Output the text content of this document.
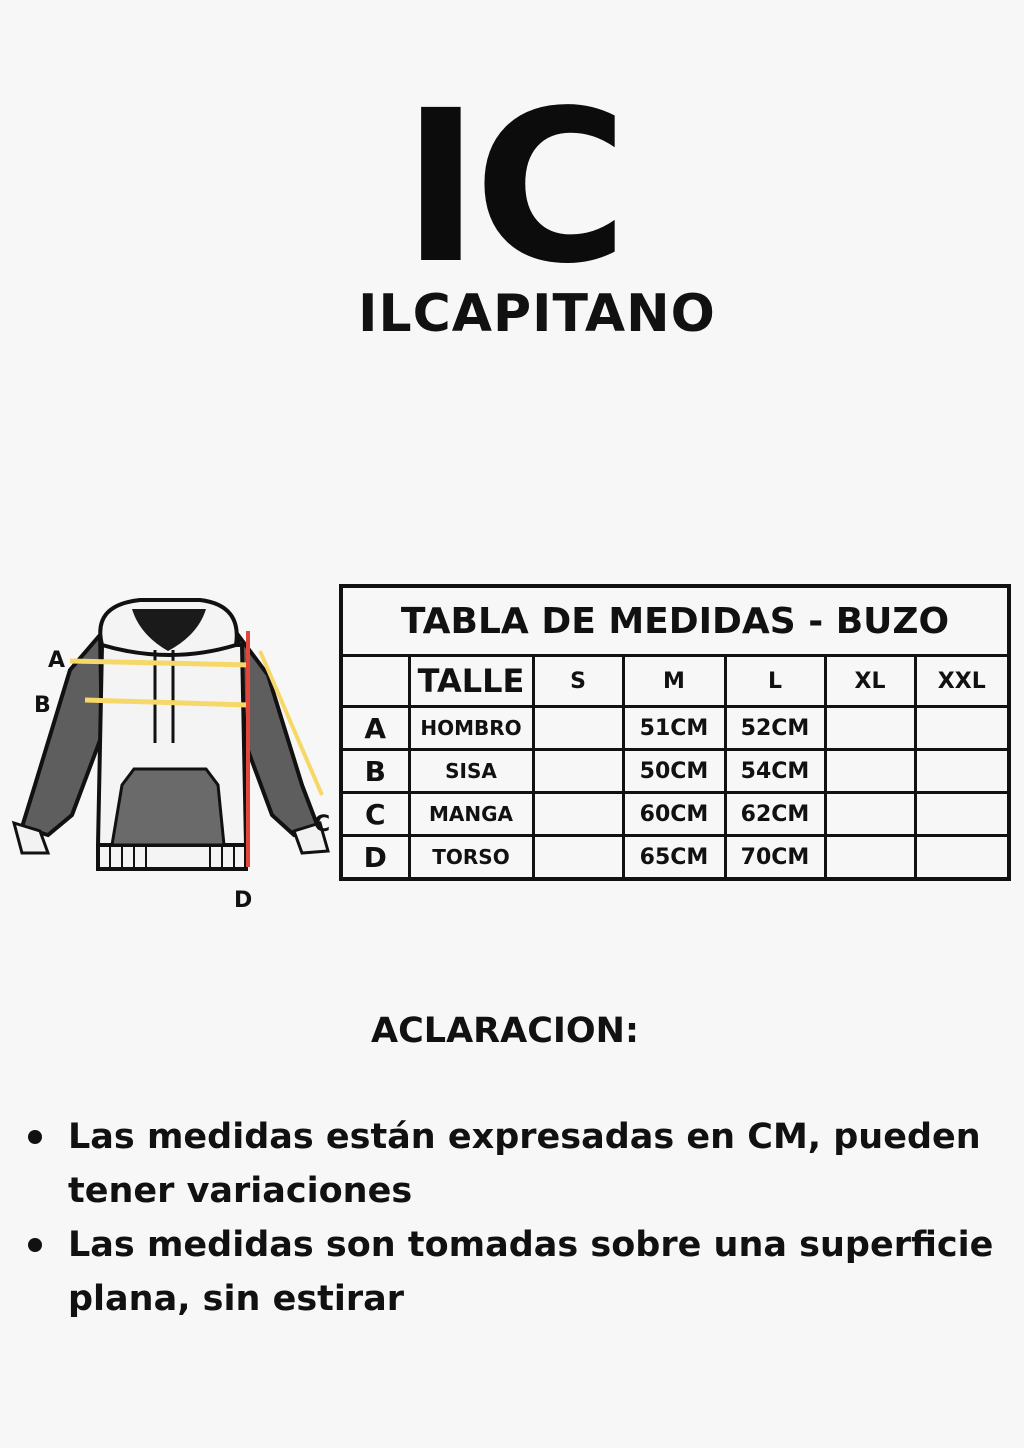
IC
ILCAPITANO
A
B
C
D
TABLA DE MEDIDAS - BUZO						
	TALLE	S	M	L	XL	XXL
A	HOMBRO		51CM	52CM		
B	SISA		50CM	54CM		
C	MANGA		60CM	62CM		
D	TORSO		65CM	70CM		
ACLARACION:
Las medidas están expresadas en CM, pueden tener variaciones
Las medidas son tomadas sobre una superficie plana, sin estirar
